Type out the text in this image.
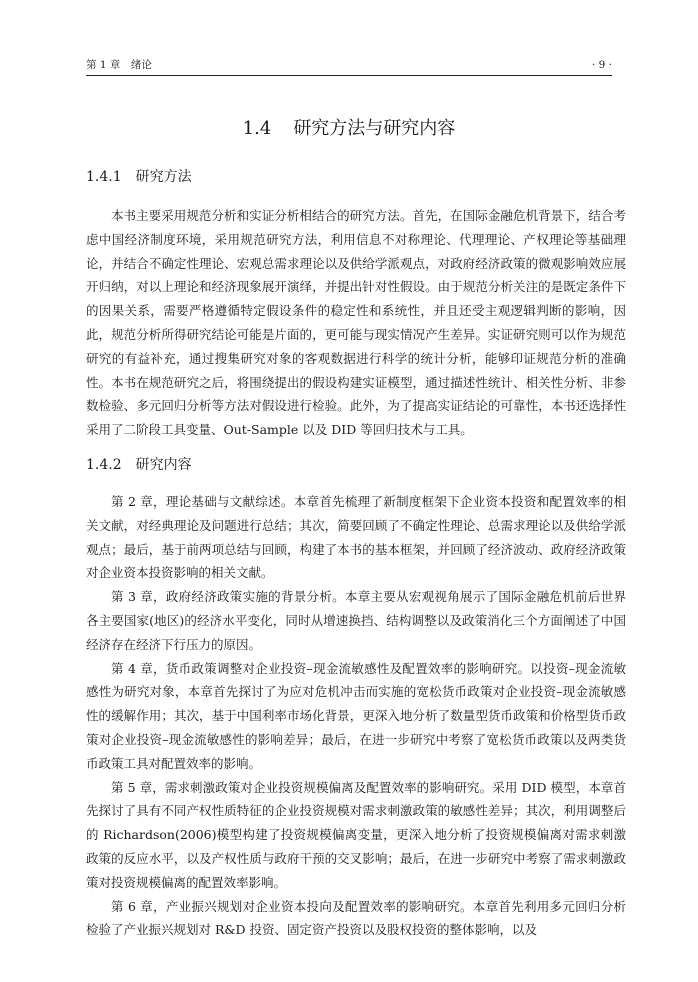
第 1 章　绪论	· 9 ·
1.4 研究方法与研究内容
1.4.1 研究方法

本书主要采用规范分析和实证分析相结合的研究方法。首先，在国际金融危机背景下，结合考虑中国经济制度环境，采用规范研究方法，利用信息不对称理论、代理理论、产权理论等基础理论，并结合不确定性理论、宏观总需求理论以及供给学派观点，对政府经济政策的微观影响效应展开归纳，对以上理论和经济现象展开演绎，并提出针对性假设。由于规范分析关注的是既定条件下的因果关系，需要严格遵循特定假设条件的稳定性和系统性，并且还受主观逻辑判断的影响，因此，规范分析所得研究结论可能是片面的，更可能与现实情况产生差异。实证研究则可以作为规范研究的有益补充，通过搜集研究对象的客观数据进行科学的统计分析，能够印证规范分析的准确性。本书在规范研究之后，将围绕提出的假设构建实证模型，通过描述性统计、相关性分析、非参数检验、多元回归分析等方法对假设进行检验。此外，为了提高实证结论的可靠性，本书还选择性采用了二阶段工具变量、Out-Sample 以及 DID 等回归技术与工具。

1.4.2 研究内容

第 2 章，理论基础与文献综述。本章首先梳理了新制度框架下企业资本投资和配置效率的相关文献，对经典理论及问题进行总结；其次，简要回顾了不确定性理论、总需求理论以及供给学派观点；最后，基于前两项总结与回顾，构建了本书的基本框架，并回顾了经济波动、政府经济政策对企业资本投资影响的相关文献。

第 3 章，政府经济政策实施的背景分析。本章主要从宏观视角展示了国际金融危机前后世界各主要国家(地区)的经济水平变化，同时从增速换挡、结构调整以及政策消化三个方面阐述了中国经济存在经济下行压力的原因。

第 4 章，货币政策调整对企业投资–现金流敏感性及配置效率的影响研究。以投资–现金流敏感性为研究对象，本章首先探讨了为应对危机冲击而实施的宽松货币政策对企业投资–现金流敏感性的缓解作用；其次，基于中国利率市场化背景，更深入地分析了数量型货币政策和价格型货币政策对企业投资–现金流敏感性的影响差异；最后，在进一步研究中考察了宽松货币政策以及两类货币政策工具对配置效率的影响。

第 5 章，需求刺激政策对企业投资规模偏离及配置效率的影响研究。采用 DID 模型，本章首先探讨了具有不同产权性质特征的企业投资规模对需求刺激政策的敏感性差异；其次，利用调整后的 Richardson(2006)模型构建了投资规模偏离变量，更深入地分析了投资规模偏离对需求刺激政策的反应水平，以及产权性质与政府干预的交叉影响；最后，在进一步研究中考察了需求刺激政策对投资规模偏离的配置效率影响。

第 6 章，产业振兴规划对企业资本投向及配置效率的影响研究。本章首先利用多元回归分析检验了产业振兴规划对 R&D 投资、固定资产投资以及股权投资的整体影响，以及
